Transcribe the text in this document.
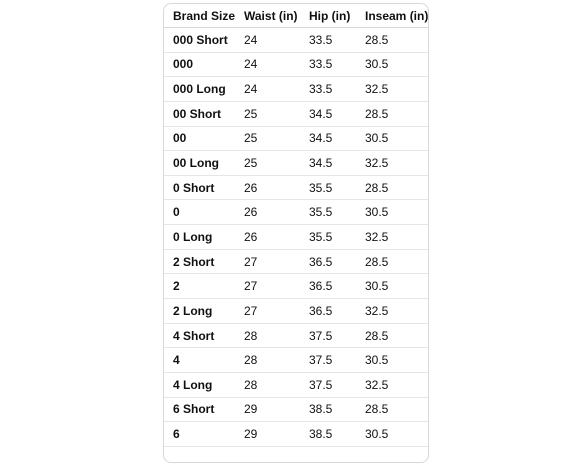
Brand Size	Waist (in)	Hip (in)	Inseam (in)
000 Short	24	33.5	28.5
000	24	33.5	30.5
000 Long	24	33.5	32.5
00 Short	25	34.5	28.5
00	25	34.5	30.5
00 Long	25	34.5	32.5
0 Short	26	35.5	28.5
0	26	35.5	30.5
0 Long	26	35.5	32.5
2 Short	27	36.5	28.5
2	27	36.5	30.5
2 Long	27	36.5	32.5
4 Short	28	37.5	28.5
4	28	37.5	30.5
4 Long	28	37.5	32.5
6 Short	29	38.5	28.5
6	29	38.5	30.5
